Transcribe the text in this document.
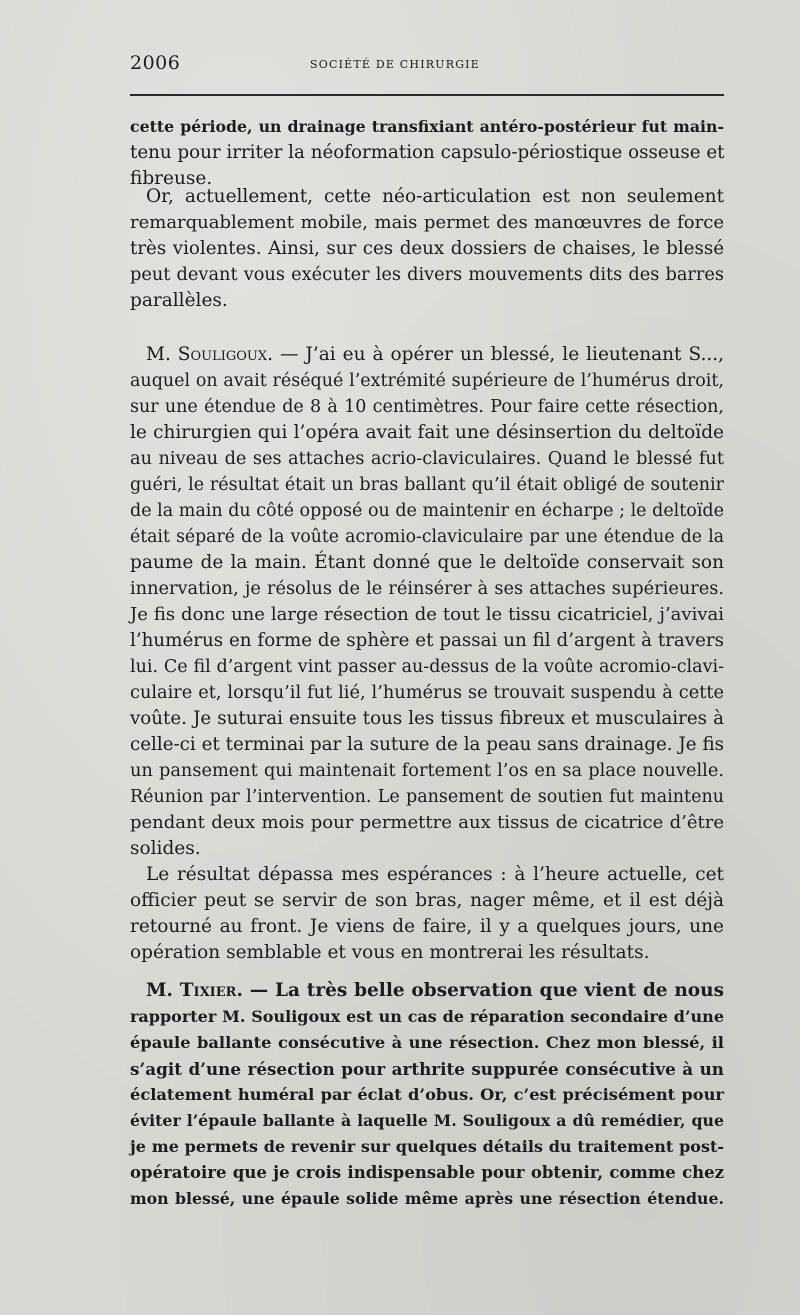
2006	SOCIÉTÉ DE CHIRURGIE
cette période, un drainage transfixiant antéro-postérieur fut main-
tenu pour irriter la néoformation capsulo-périostique osseuse et
fibreuse.
Or, actuellement, cette néo-articulation est non seulement
remarquablement mobile, mais permet des manœuvres de force
très violentes. Ainsi, sur ces deux dossiers de chaises, le blessé
peut devant vous exécuter les divers mouvements dits des barres
parallèles.
M. Souligoux. — J’ai eu à opérer un blessé, le lieutenant S...,
auquel on avait réséqué l’extrémité supérieure de l’humérus droit,
sur une étendue de 8 à 10 centimètres. Pour faire cette résection,
le chirurgien qui l’opéra avait fait une désinsertion du deltoïde
au niveau de ses attaches acrio-claviculaires. Quand le blessé fut
guéri, le résultat était un bras ballant qu’il était obligé de soutenir
de la main du côté opposé ou de maintenir en écharpe ; le deltoïde
était séparé de la voûte acromio-claviculaire par une étendue de la
paume de la main. Étant donné que le deltoïde conservait son
innervation, je résolus de le réinsérer à ses attaches supérieures.
Je fis donc une large résection de tout le tissu cicatriciel, j’avivai
l’humérus en forme de sphère et passai un fil d’argent à travers
lui. Ce fil d’argent vint passer au-dessus de la voûte acromio-clavi-
culaire et, lorsqu’il fut lié, l’humérus se trouvait suspendu à cette
voûte. Je suturai ensuite tous les tissus fibreux et musculaires à
celle-ci et terminai par la suture de la peau sans drainage. Je fis
un pansement qui maintenait fortement l’os en sa place nouvelle.
Réunion par l’intervention. Le pansement de soutien fut maintenu
pendant deux mois pour permettre aux tissus de cicatrice d’être
solides.
Le résultat dépassa mes espérances : à l’heure actuelle, cet
officier peut se servir de son bras, nager même, et il est déjà
retourné au front. Je viens de faire, il y a quelques jours, une
opération semblable et vous en montrerai les résultats.
M. Tixier. — La très belle observation que vient de nous
rapporter M. Souligoux est un cas de réparation secondaire d’une
épaule ballante consécutive à une résection. Chez mon blessé, il
s’agit d’une résection pour arthrite suppurée consécutive à un
éclatement huméral par éclat d’obus. Or, c’est précisément pour
éviter l’épaule ballante à laquelle M. Souligoux a dû remédier, que
je me permets de revenir sur quelques détails du traitement post-
opératoire que je crois indispensable pour obtenir, comme chez
mon blessé, une épaule solide même après une résection étendue.
